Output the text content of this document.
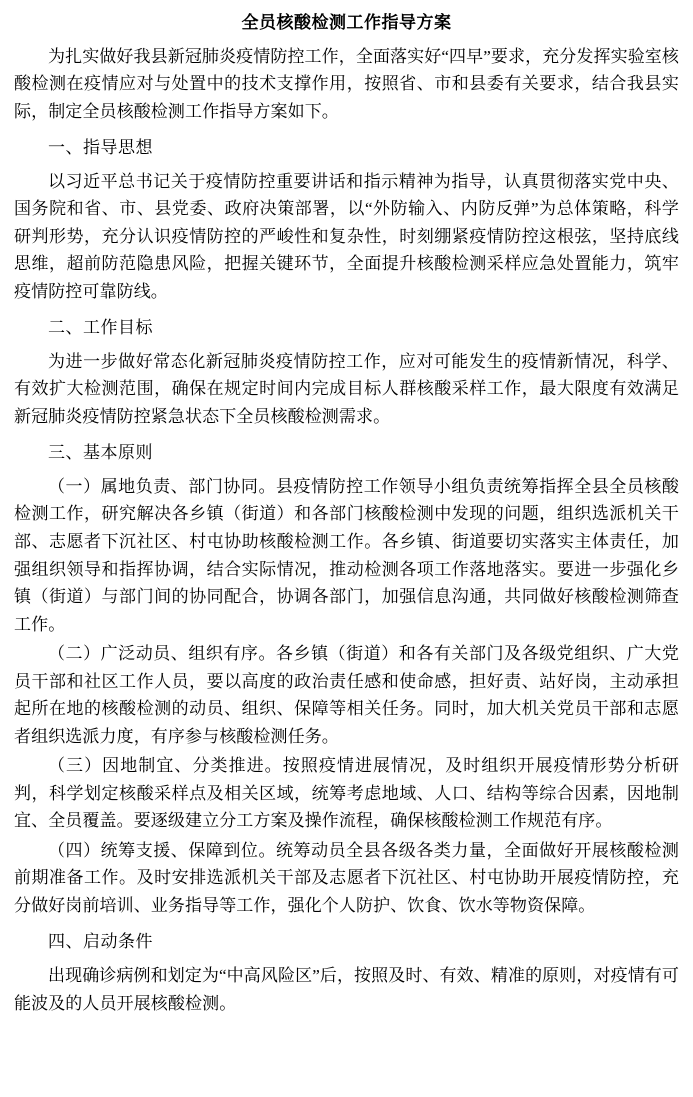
全员核酸检测工作指导方案

为扎实做好我县新冠肺炎疫情防控工作，全面落实好“四早”要求，充分发挥实验室核酸检测在疫情应对与处置中的技术支撑作用，按照省、市和县委有关要求，结合我县实际，制定全员核酸检测工作指导方案如下。

一、指导思想

以习近平总书记关于疫情防控重要讲话和指示精神为指导，认真贯彻落实党中央、国务院和省、市、县党委、政府决策部署，以“外防输入、内防反弹”为总体策略，科学研判形势，充分认识疫情防控的严峻性和复杂性，时刻绷紧疫情防控这根弦，坚持底线思维，超前防范隐患风险，把握关键环节，全面提升核酸检测采样应急处置能力，筑牢疫情防控可靠防线。

二、工作目标

为进一步做好常态化新冠肺炎疫情防控工作，应对可能发生的疫情新情况，科学、有效扩大检测范围，确保在规定时间内完成目标人群核酸采样工作，最大限度有效满足新冠肺炎疫情防控紧急状态下全员核酸检测需求。

三、基本原则

（一）属地负责、部门协同。县疫情防控工作领导小组负责统筹指挥全县全员核酸检测工作，研究解决各乡镇（街道）和各部门核酸检测中发现的问题，组织选派机关干部、志愿者下沉社区、村屯协助核酸检测工作。各乡镇、街道要切实落实主体责任，加强组织领导和指挥协调，结合实际情况，推动检测各项工作落地落实。要进一步强化乡镇（街道）与部门间的协同配合，协调各部门，加强信息沟通，共同做好核酸检测筛查工作。

（二）广泛动员、组织有序。各乡镇（街道）和各有关部门及各级党组织、广大党员干部和社区工作人员，要以高度的政治责任感和使命感，担好责、站好岗，主动承担起所在地的核酸检测的动员、组织、保障等相关任务。同时，加大机关党员干部和志愿者组织选派力度，有序参与核酸检测任务。

（三）因地制宜、分类推进。按照疫情进展情况，及时组织开展疫情形势分析研判，科学划定核酸采样点及相关区域，统筹考虑地域、人口、结构等综合因素，因地制宜、全员覆盖。要逐级建立分工方案及操作流程，确保核酸检测工作规范有序。

（四）统筹支援、保障到位。统筹动员全县各级各类力量，全面做好开展核酸检测前期准备工作。及时安排选派机关干部及志愿者下沉社区、村屯协助开展疫情防控，充分做好岗前培训、业务指导等工作，强化个人防护、饮食、饮水等物资保障。

四、启动条件

出现确诊病例和划定为“中高风险区”后，按照及时、有效、精准的原则，对疫情有可能波及的人员开展核酸检测。
